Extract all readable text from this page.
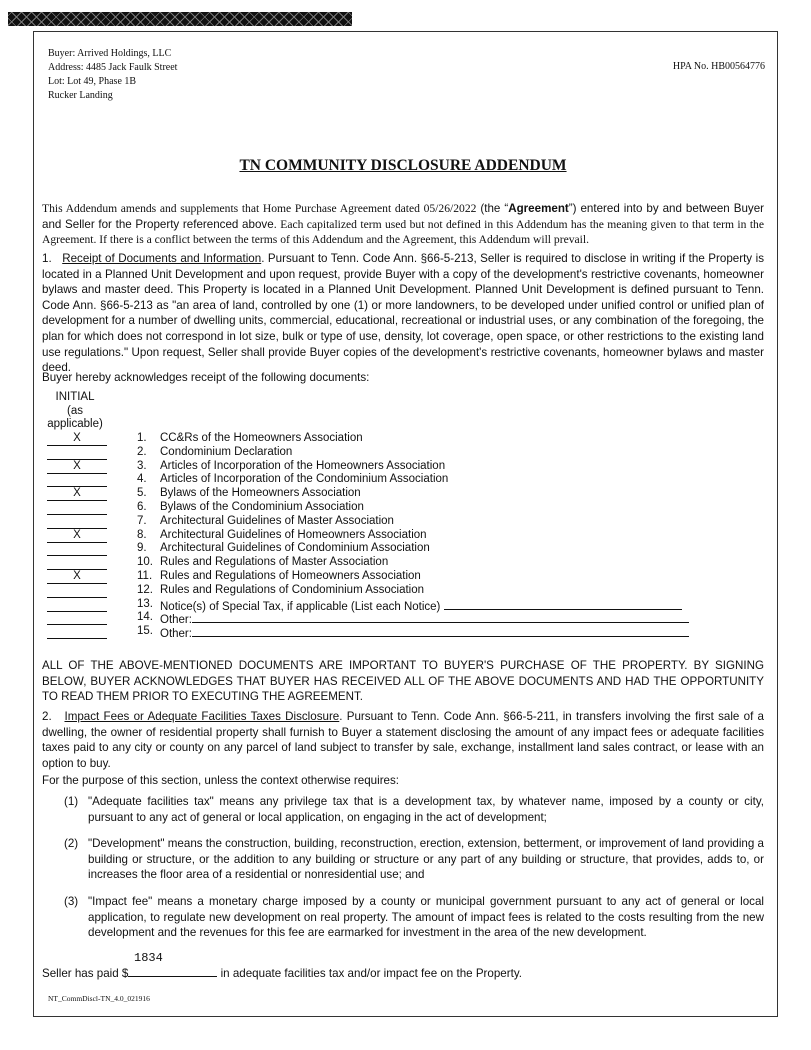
Buyer: Arrived Holdings, LLC
Address: 4485 Jack Faulk Street
Lot: Lot 49, Phase 1B
Rucker Landing
HPA No. HB00564776
TN COMMUNITY DISCLOSURE ADDENDUM
This Addendum amends and supplements that Home Purchase Agreement dated 05/26/2022 (the “Agreement”) entered into by and between Buyer and Seller for the Property referenced above. Each capitalized term used but not defined in this Addendum has the meaning given to that term in the Agreement. If there is a conflict between the terms of this Addendum and the Agreement, this Addendum will prevail.
1. Receipt of Documents and Information. Pursuant to Tenn. Code Ann. §66-5-213, Seller is required to disclose in writing if the Property is located in a Planned Unit Development and upon request, provide Buyer with a copy of the development's restrictive covenants, homeowner bylaws and master deed. This Property is located in a Planned Unit Development. Planned Unit Development is defined pursuant to Tenn. Code Ann. §66-5-213 as "an area of land, controlled by one (1) or more landowners, to be developed under unified control or unified plan of development for a number of dwelling units, commercial, educational, recreational or industrial uses, or any combination of the foregoing, the plan for which does not correspond in lot size, bulk or type of use, density, lot coverage, open space, or other restrictions to the existing land use regulations." Upon request, Seller shall provide Buyer copies of the development's restrictive covenants, homeowner bylaws and master deed.
Buyer hereby acknowledges receipt of the following documents:
INITIAL
(as
applicable)
X	1. CC&Rs of the Homeowners Association
2. Condominium Declaration
X	3. Articles of Incorporation of the Homeowners Association
4. Articles of Incorporation of the Condominium Association
X	5. Bylaws of the Homeowners Association
6. Bylaws of the Condominium Association
7. Architectural Guidelines of Master Association
X	8. Architectural Guidelines of Homeowners Association
9. Architectural Guidelines of Condominium Association
10. Rules and Regulations of Master Association
X	11. Rules and Regulations of Homeowners Association
12. Rules and Regulations of Condominium Association
13. Notice(s) of Special Tax, if applicable (List each Notice)
14. Other:
15. Other:
ALL OF THE ABOVE-MENTIONED DOCUMENTS ARE IMPORTANT TO BUYER'S PURCHASE OF THE PROPERTY. BY SIGNING BELOW, BUYER ACKNOWLEDGES THAT BUYER HAS RECEIVED ALL OF THE ABOVE DOCUMENTS AND HAD THE OPPORTUNITY TO READ THEM PRIOR TO EXECUTING THE AGREEMENT.
2. Impact Fees or Adequate Facilities Taxes Disclosure. Pursuant to Tenn. Code Ann. §66-5-211, in transfers involving the first sale of a dwelling, the owner of residential property shall furnish to Buyer a statement disclosing the amount of any impact fees or adequate facilities taxes paid to any city or county on any parcel of land subject to transfer by sale, exchange, installment land sales contract, or lease with an option to buy.
For the purpose of this section, unless the context otherwise requires:
(1) "Adequate facilities tax" means any privilege tax that is a development tax, by whatever name, imposed by a county or city, pursuant to any act of general or local application, on engaging in the act of development;
(2) "Development" means the construction, building, reconstruction, erection, extension, betterment, or improvement of land providing a building or structure, or the addition to any building or structure or any part of any building or structure, that provides, adds to, or increases the floor area of a residential or nonresidential use; and
(3) "Impact fee" means a monetary charge imposed by a county or municipal government pursuant to any act of general or local application, to regulate new development on real property. The amount of impact fees is related to the costs resulting from the new development and the revenues for this fee are earmarked for investment in the area of the new development.
1834
Seller has paid $	in adequate facilities tax and/or impact fee on the Property.
NT_CommDiscl-TN_4.0_021916
